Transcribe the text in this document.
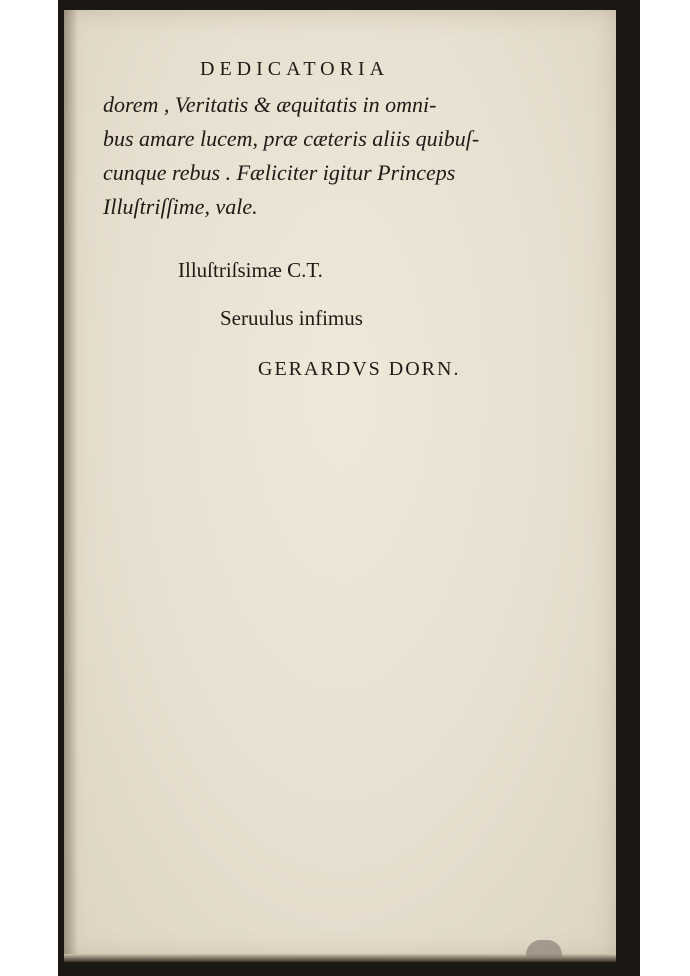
DEDICATORIA
dorem , Veritatis & æquitatis in omni-
bus amare lucem, præ cæteris aliis quibuſ-
cunque rebus . Fæliciter igitur Princeps
Illuſtriſſime, vale.
Illuſtriſsimæ C.T.
Seruulus infimus
GERARDVS DORN.
